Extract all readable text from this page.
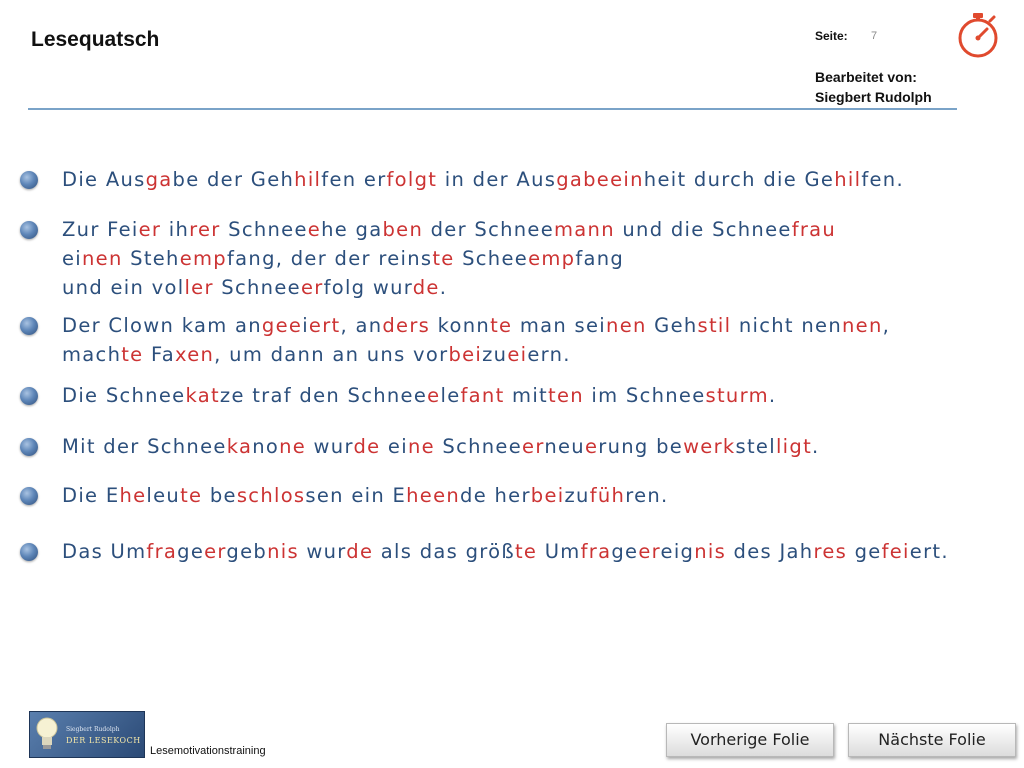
Lesequatsch	Seite: 7
Bearbeitet von:
Siegbert Rudolph
Die Ausgabe der Gehhilfen erfolgt in der Ausgabeeinheit durch die Gehilfen.
Zur Feier ihrer Schneeehe gaben der Schneemann und die Schneefrau
einen Stehempfang, der der reinste Scheeempfang
und ein voller Schneeerfolg wurde.
Der Clown kam angeeiert, anders konnte man seinen Gehstil nicht nennen,
machte Faxen, um dann an uns vorbeizueiern.
Die Schneekatze traf den Schneeelefant mitten im Schneesturm.
Mit der Schneekanone wurde eine Schneeerneuerung bewerkstelligt.
Die Eheleute beschlossen ein Eheende herbeizuführen.
Das Umfrageergebnis wurde als das größte Umfrageereignis des Jahres gefeiert.
Siegbert Rudolph
DER LESEKOCH
Lesemotivationstraining
Vorherige Folie	Nächste Folie
